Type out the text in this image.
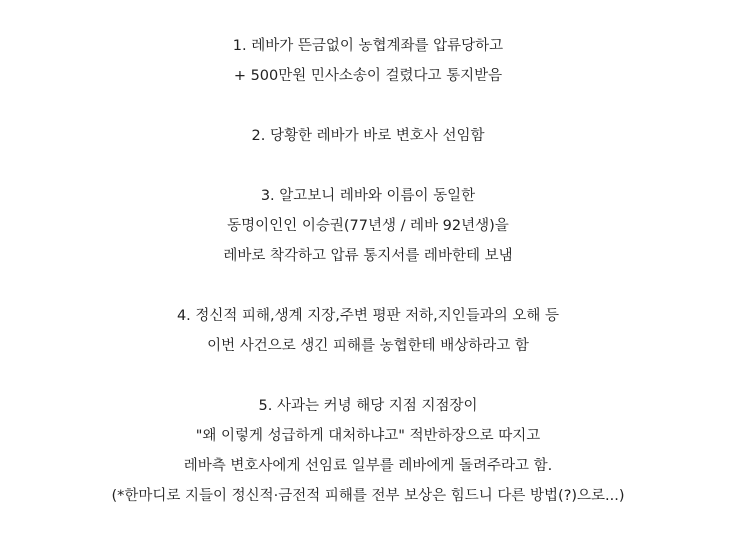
1. 레바가 뜬금없이 농협계좌를 압류당하고
+ 500만원 민사소송이 걸렸다고 통지받음
2. 당황한 레바가 바로 변호사 선임함
3. 알고보니 레바와 이름이 동일한
동명이인인 이승권(77년생 / 레바 92년생)을
레바로 착각하고 압류 통지서를 레바한테 보냄
4. 정신적 피해,생계 지장,주변 평판 저하,지인들과의 오해 등
이번 사건으로 생긴 피해를 농협한테 배상하라고 함
5. 사과는 커녕 해당 지점 지점장이
"왜 이렇게 성급하게 대처하냐고" 적반하장으로 따지고
레바측 변호사에게 선임료 일부를 레바에게 돌려주라고 함.
(*한마디로 지들이 정신적·금전적 피해를 전부 보상은 힘드니 다른 방법(?)으로...)
